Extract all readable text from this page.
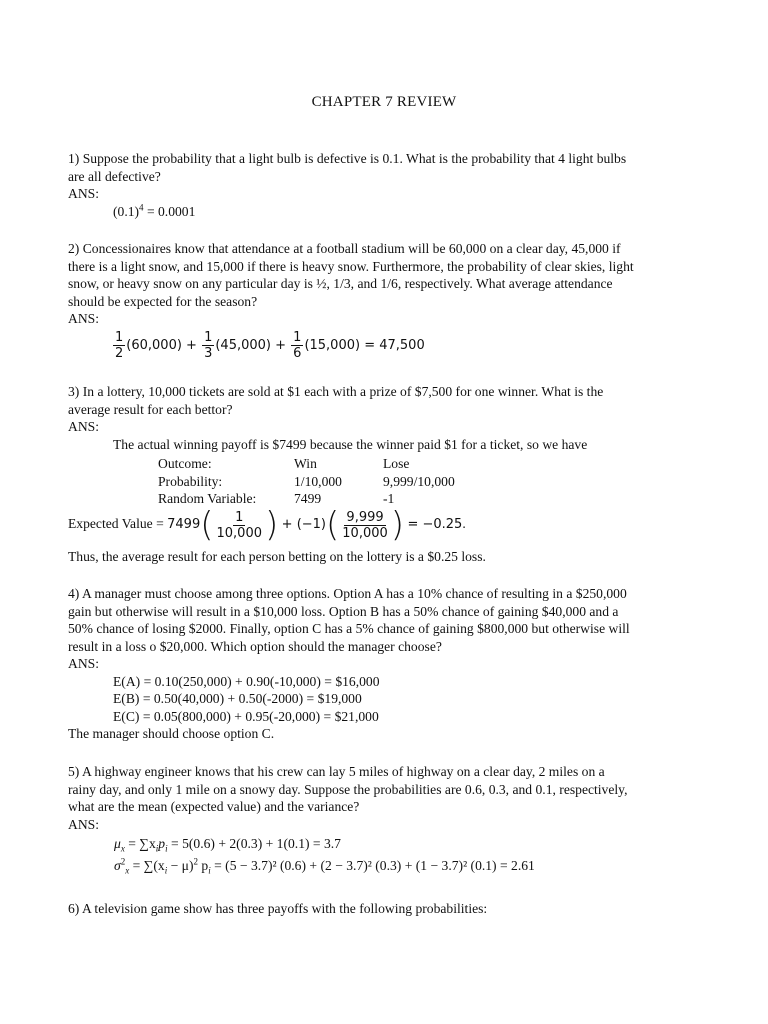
CHAPTER 7 REVIEW
1) Suppose the probability that a light bulb is defective is 0.1. What is the probability that 4 light bulbs
are all defective?
ANS:
$(0.1)^4 = 0.0001$
2) Concessionaires know that attendance at a football stadium will be 60,000 on a clear day, 45,000 if
there is a light snow, and 15,000 if there is heavy snow. Furthermore, the probability of clear skies, light
snow, or heavy snow on any particular day is ½, 1/3, and 1/6, respectively. What average attendance
should be expected for the season?
ANS:
$\frac{1}{2} (60,000) + \frac{1}{3} (45,000) + \frac{1}{6} (15,000) = 47,500$
3) In a lottery, 10,000 tickets are sold at $1 each with a prize of $7,500 for one winner. What is the
average result for each bettor?
ANS:
The actual winning payoff is $7499 because the winner paid $1 for a ticket, so we have
Outcome:	Win	Lose
Probability:	1/10,000	9,999/10,000
Random Variable:	7499	-1
Expected Value = $7499( \frac{1}{10,000}$ ) + $(-1)( \frac{9,999}{10,000}$ ) = −0.25.
Thus, the average result for each person betting on the lottery is a $0.25 loss.
4) A manager must choose among three options. Option A has a 10% chance of resulting in a $250,000
gain but otherwise will result in a $10,000 loss. Option B has a 50% chance of gaining $40,000 and a
50% chance of losing $2000. Finally, option C has a 5% chance of gaining $800,000 but otherwise will
result in a loss o $20,000. Which option should the manager choose?
ANS:
E(A) = 0.10(250,000) + 0.90(-10,000) = $16,000
E(B) = 0.50(40,000) + 0.50(-2000) = $19,000
E(C) = 0.05(800,000) + 0.95(-20,000) = $21,000
The manager should choose option C.
5) A highway engineer knows that his crew can lay 5 miles of highway on a clear day, 2 miles on a
rainy day, and only 1 mile on a snowy day. Suppose the probabilities are 0.6, 0.3, and 0.1, respectively,
what are the mean (expected value) and the variance?
ANS:
$\mu_x = \sum x_ip_i = 5(0.6) + 2(0.3) + 1(0.1) = 3.7$
$\sigma^2_x = \sum(x_i - \mu)^2$ $p_i = (5 - 3.7)^2$ (0.6) + (2 − 3.7)² (0.3) + (1 − 3.7)² (0.1) = 2.61
6) A television game show has three payoffs with the following probabilities:
